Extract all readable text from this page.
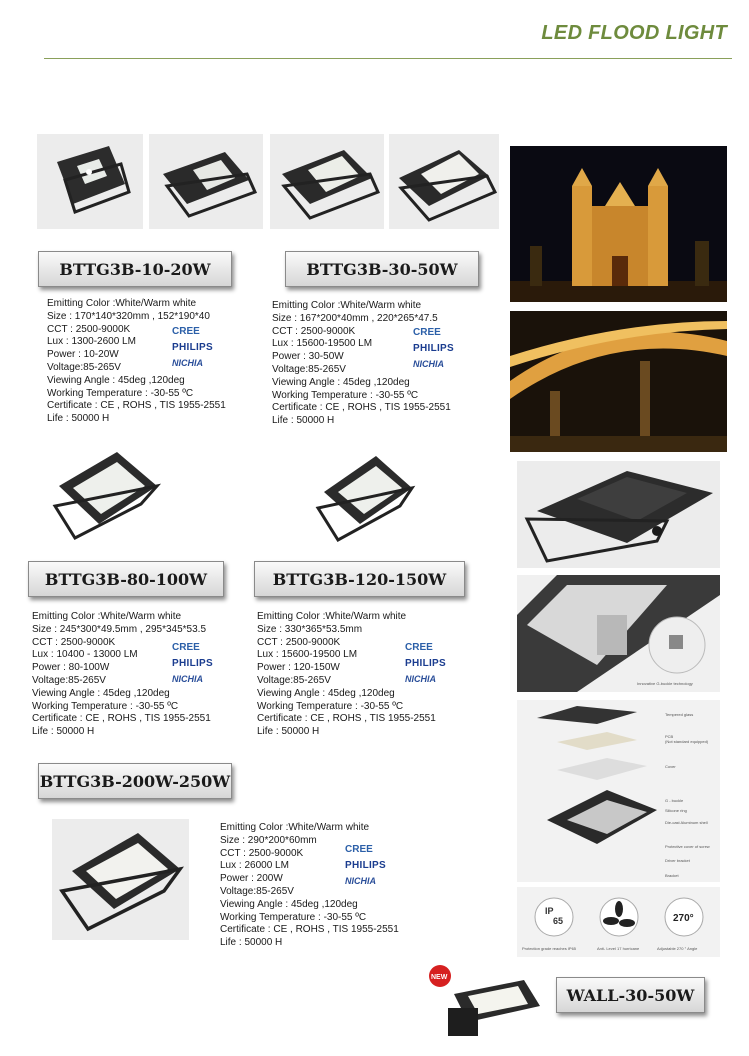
LED FLOOD LIGHT
BTTG3B-10-20W	BTTG3B-30-50W
Emitting Color :White/Warm white
Size : 170*140*320mm , 152*190*40
CCT : 2500-9000K
Lux : 1300-2600 LM
Power : 10-20W
Voltage:85-265V
Viewing Angle : 45deg ,120deg
Working Temperature : -30-55 ºC
Certificate : CE , ROHS , TIS 1955-2551
Life : 50000 H
CREE
PHILIPS
NICHIA
Emitting Color :White/Warm white
Size : 167*200*40mm , 220*265*47.5
CCT : 2500-9000K
Lux : 15600-19500 LM
Power : 30-50W
Voltage:85-265V
Viewing Angle : 45deg ,120deg
Working Temperature : -30-55 ºC
Certificate : CE , ROHS , TIS 1955-2551
Life : 50000 H
CREE
PHILIPS
NICHIA
BTTG3B-80-100W	BTTG3B-120-150W
Emitting Color :White/Warm white
Size : 245*300*49.5mm , 295*345*53.5
CCT : 2500-9000K
Lux : 10400 - 13000 LM
Power : 80-100W
Voltage:85-265V
Viewing Angle : 45deg ,120deg
Working Temperature : -30-55 ºC
Certificate : CE , ROHS , TIS 1955-2551
Life : 50000 H
CREE
PHILIPS
NICHIA
Emitting Color :White/Warm white
Size : 330*365*53.5mm
CCT : 2500-9000K
Lux : 15600-19500 LM
Power : 120-150W
Voltage:85-265V
Viewing Angle : 45deg ,120deg
Working Temperature : -30-55 ºC
Certificate : CE , ROHS , TIS 1955-2551
Life : 50000 H
CREE
PHILIPS
NICHIA
BTTG3B-200W-250W
Emitting Color :White/Warm white
Size : 290*200*60mm
CCT : 2500-9000K
Lux : 26000 LM
Power : 200W
Voltage:85-265V
Viewing Angle : 45deg ,120deg
Working Temperature : -30-55 ºC
Certificate : CE , ROHS , TIS 1955-2551
Life : 50000 H
CREE
PHILIPS
NICHIA
Innovative G-buckle technology
Tempered glass
PCB
(Not standard equipped)
Cover
G - buckle
Silicone ring
Die-cast Aluminum shell
Protective cover of screw
Driver bracket
Bracket
IP
65	270°
Protection grade reaches IP65	Anti- Level 17 hurricane	Adjustable 270 ° Angle
NEW
WALL-30-50W
